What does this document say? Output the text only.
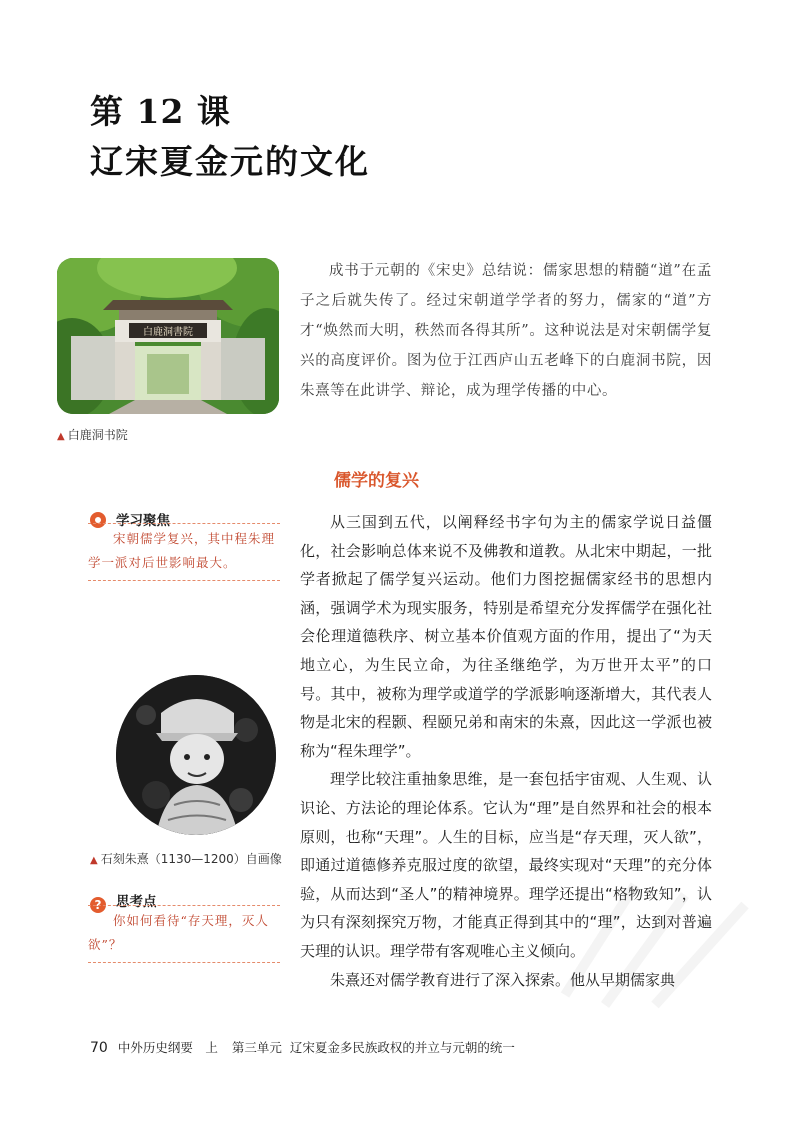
第 12 课
辽宋夏金元的文化
白鹿洞書院
▲ 白鹿洞书院
成书于元朝的《宋史》总结说：儒家思想的精髓“道”在孟子之后就失传了。经过宋朝道学学者的努力，儒家的“道”方才“焕然而大明，秩然而各得其所”。这种说法是对宋朝儒学复兴的高度评价。图为位于江西庐山五老峰下的白鹿洞书院，因朱熹等在此讲学、辩论，成为理学传播的中心。
儒学的复兴
学习聚焦
宋朝儒学复兴，其中程朱理学一派对后世影响最大。
▲ 石刻朱熹（1130—1200）自画像
? 思考点
你如何看待“存天理，灭人欲”？

从三国到五代，以阐释经书字句为主的儒家学说日益僵化，社会影响总体来说不及佛教和道教。从北宋中期起，一批学者掀起了儒学复兴运动。他们力图挖掘儒家经书的思想内涵，强调学术为现实服务，特别是希望充分发挥儒学在强化社会伦理道德秩序、树立基本价值观方面的作用，提出了“为天地立心，为生民立命，为往圣继绝学，为万世开太平”的口号。其中，被称为理学或道学的学派影响逐渐增大，其代表人物是北宋的程颢、程颐兄弟和南宋的朱熹，因此这一学派也被称为“程朱理学”。

理学比较注重抽象思维，是一套包括宇宙观、人生观、认识论、方法论的理论体系。它认为“理”是自然界和社会的根本原则，也称“天理”。人生的目标，应当是“存天理，灭人欲”，即通过道德修养克服过度的欲望，最终实现对“天理”的充分体验，从而达到“圣人”的精神境界。理学还提出“格物致知”，认为只有深刻探究万物，才能真正得到其中的“理”，达到对普遍天理的认识。理学带有客观唯心主义倾向。

朱熹还对儒学教育进行了深入探索。他从早期儒家典

70 中外历史纲要　上 第三单元 辽宋夏金多民族政权的并立与元朝的统一
